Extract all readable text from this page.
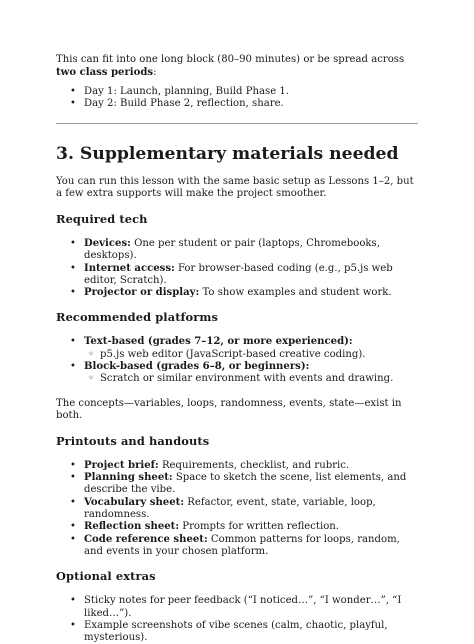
This can fit into one long block (80–90 minutes) or be spread across two class periods:

• Day 1: Launch, planning, Build Phase 1.
• Day 2: Build Phase 2, reflection, share.
3. Supplementary materials needed

You can run this lesson with the same basic setup as Lessons 1–2, but a few extra supports will make the project smoother.

Required tech
• Devices: One per student or pair (laptops, Chromebooks, desktops).
• Internet access: For browser-based coding (e.g., p5.js web editor, Scratch).
• Projector or display: To show examples and student work.
Recommended platforms
• Text-based (grades 7–12, or more experienced):
◦ p5.js web editor (JavaScript-based creative coding).
• Block-based (grades 6–8, or beginners):
◦ Scratch or similar environment with events and drawing.

The concepts—variables, loops, randomness, events, state—exist in both.

Printouts and handouts
• Project brief: Requirements, checklist, and rubric.
• Planning sheet: Space to sketch the scene, list elements, and describe the vibe.
• Vocabulary sheet: Refactor, event, state, variable, loop, randomness.
• Reflection sheet: Prompts for written reflection.
• Code reference sheet: Common patterns for loops, random, and events in your chosen platform.
Optional extras
• Sticky notes for peer feedback (“I noticed…”, “I wonder…”, “I liked…”).
• Example screenshots of vibe scenes (calm, chaotic, playful, mysterious).
